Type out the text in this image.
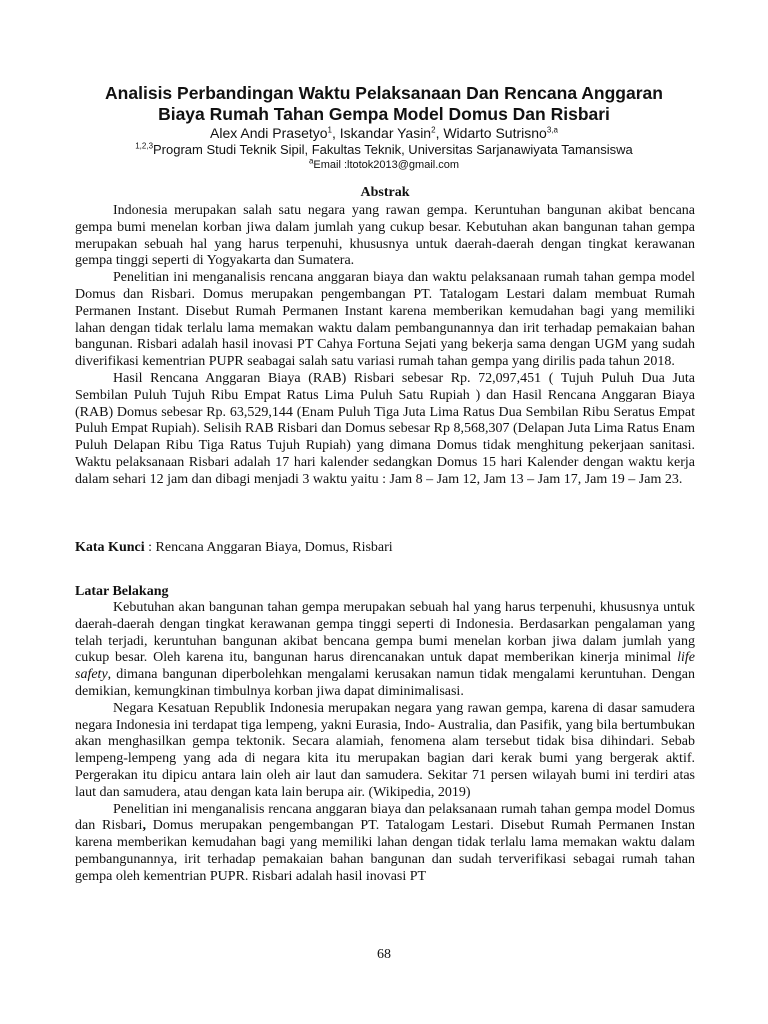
Analisis Perbandingan Waktu Pelaksanaan Dan Rencana Anggaran
Biaya Rumah Tahan Gempa Model Domus Dan Risbari
Alex Andi Prasetyo$^1$, Iskandar Yasin$^2$, Widarto Sutrisno$^{3,a}$
$^{1,2,3}$Program Studi Teknik Sipil, Fakultas Teknik, Universitas Sarjanawiyata Tamansiswa
$^a$Email :ltotok2013@gmail.com
Abstrak

Indonesia merupakan salah satu negara yang rawan gempa. Keruntuhan bangunan akibat bencana gempa bumi menelan korban jiwa dalam jumlah yang cukup besar. Kebutuhan akan bangunan tahan gempa merupakan sebuah hal yang harus terpenuhi, khususnya untuk daerah-daerah dengan tingkat kerawanan gempa tinggi seperti di Yogyakarta dan Sumatera.

Penelitian ini menganalisis rencana anggaran biaya dan waktu pelaksanaan rumah tahan gempa model Domus dan Risbari. Domus merupakan pengembangan PT. Tatalogam Lestari dalam membuat Rumah Permanen Instant. Disebut Rumah Permanen Instant karena memberikan kemudahan bagi yang memiliki lahan dengan tidak terlalu lama memakan waktu dalam pembangunannya dan irit terhadap pemakaian bahan bangunan. Risbari adalah hasil inovasi PT Cahya Fortuna Sejati yang bekerja sama dengan UGM yang sudah diverifikasi kementrian PUPR seabagai salah satu variasi rumah tahan gempa yang dirilis pada tahun 2018.

Hasil Rencana Anggaran Biaya (RAB) Risbari sebesar Rp. 72,097,451 ( Tujuh Puluh Dua Juta Sembilan Puluh Tujuh Ribu Empat Ratus Lima Puluh Satu Rupiah ) dan Hasil Rencana Anggaran Biaya (RAB) Domus sebesar Rp. 63,529,144 (Enam Puluh Tiga Juta Lima Ratus Dua Sembilan Ribu Seratus Empat Puluh Empat Rupiah). Selisih RAB Risbari dan Domus sebesar Rp 8,568,307 (Delapan Juta Lima Ratus Enam Puluh Delapan Ribu Tiga Ratus Tujuh Rupiah) yang dimana Domus tidak menghitung pekerjaan sanitasi. Waktu pelaksanaan Risbari adalah 17 hari kalender sedangkan Domus 15 hari Kalender dengan waktu kerja dalam sehari 12 jam dan dibagi menjadi 3 waktu yaitu : Jam 8 – Jam 12, Jam 13 – Jam 17, Jam 19 – Jam 23.

Kata Kunci : Rencana Anggaran Biaya, Domus, Risbari
Latar Belakang

Kebutuhan akan bangunan tahan gempa merupakan sebuah hal yang harus terpenuhi, khususnya untuk daerah-daerah dengan tingkat kerawanan gempa tinggi seperti di Indonesia. Berdasarkan pengalaman yang telah terjadi, keruntuhan bangunan akibat bencana gempa bumi menelan korban jiwa dalam jumlah yang cukup besar. Oleh karena itu, bangunan harus direncanakan untuk dapat memberikan kinerja minimal life safety, dimana bangunan diperbolehkan mengalami kerusakan namun tidak mengalami keruntuhan. Dengan demikian, kemungkinan timbulnya korban jiwa dapat diminimalisasi.

Negara Kesatuan Republik Indonesia merupakan negara yang rawan gempa, karena di dasar samudera negara Indonesia ini terdapat tiga lempeng, yakni Eurasia, Indo- Australia, dan Pasifik, yang bila bertumbukan akan menghasilkan gempa tektonik. Secara alamiah, fenomena alam tersebut tidak bisa dihindari. Sebab lempeng-lempeng yang ada di negara kita itu merupakan bagian dari kerak bumi yang bergerak aktif. Pergerakan itu dipicu antara lain oleh air laut dan samudera. Sekitar 71 persen wilayah bumi ini terdiri atas laut dan samudera, atau dengan kata lain berupa air. (Wikipedia, 2019)

Penelitian ini menganalisis rencana anggaran biaya dan pelaksanaan rumah tahan gempa model Domus dan Risbari, Domus merupakan pengembangan PT. Tatalogam Lestari. Disebut Rumah Permanen Instan karena memberikan kemudahan bagi yang memiliki lahan dengan tidak terlalu lama memakan waktu dalam pembangunannya, irit terhadap pemakaian bahan bangunan dan sudah terverifikasi sebagai rumah tahan gempa oleh kementrian PUPR. Risbari adalah hasil inovasi PT

68
